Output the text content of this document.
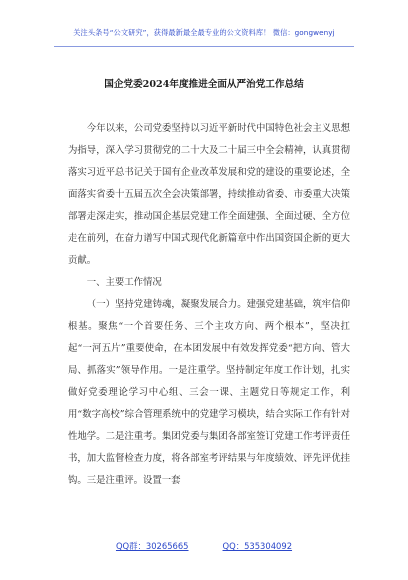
关注头条号“公文研究”，获得最新最全最专业的公文资料库！ 微信：gongwenyj
国企党委2024年度推进全面从严治党工作总结

今年以来，公司党委坚持以习近平新时代中国特色社会主义思想为指导，深入学习贯彻党的二十大及二十届三中全会精神，认真贯彻落实习近平总书记关于国有企业改革发展和党的建设的重要论述，全面落实省委十五届五次全会决策部署，持续推动省委、市委重大决策部署走深走实，推动国企基层党建工作全面建强、全面过硬、全方位走在前列，在奋力谱写中国式现代化新篇章中作出国资国企新的更大贡献。

一、主要工作情况

（一）坚持党建铸魂，凝聚发展合力。建强党建基础，筑牢信仰根基。聚焦“一个首要任务、三个主攻方向、两个根本”，坚决扛起“一河五片”重要使命，在本团发展中有效发挥党委“把方向、管大局、抓落实”领导作用。一是注重学。坚持制定年度工作计划，扎实做好党委理论学习中心组、三会一课、主题党日等规定工作，利用“数字高校”综合管理系统中的党建学习模块，结合实际工作有针对性地学。二是注重考。集团党委与集团各部室签订党建工作考评责任书，加大监督检查力度，将各部室考评结果与年度绩效、评先评优挂钩。三是注重评。设置一套

QQ群：30265665	QQ：535304092
